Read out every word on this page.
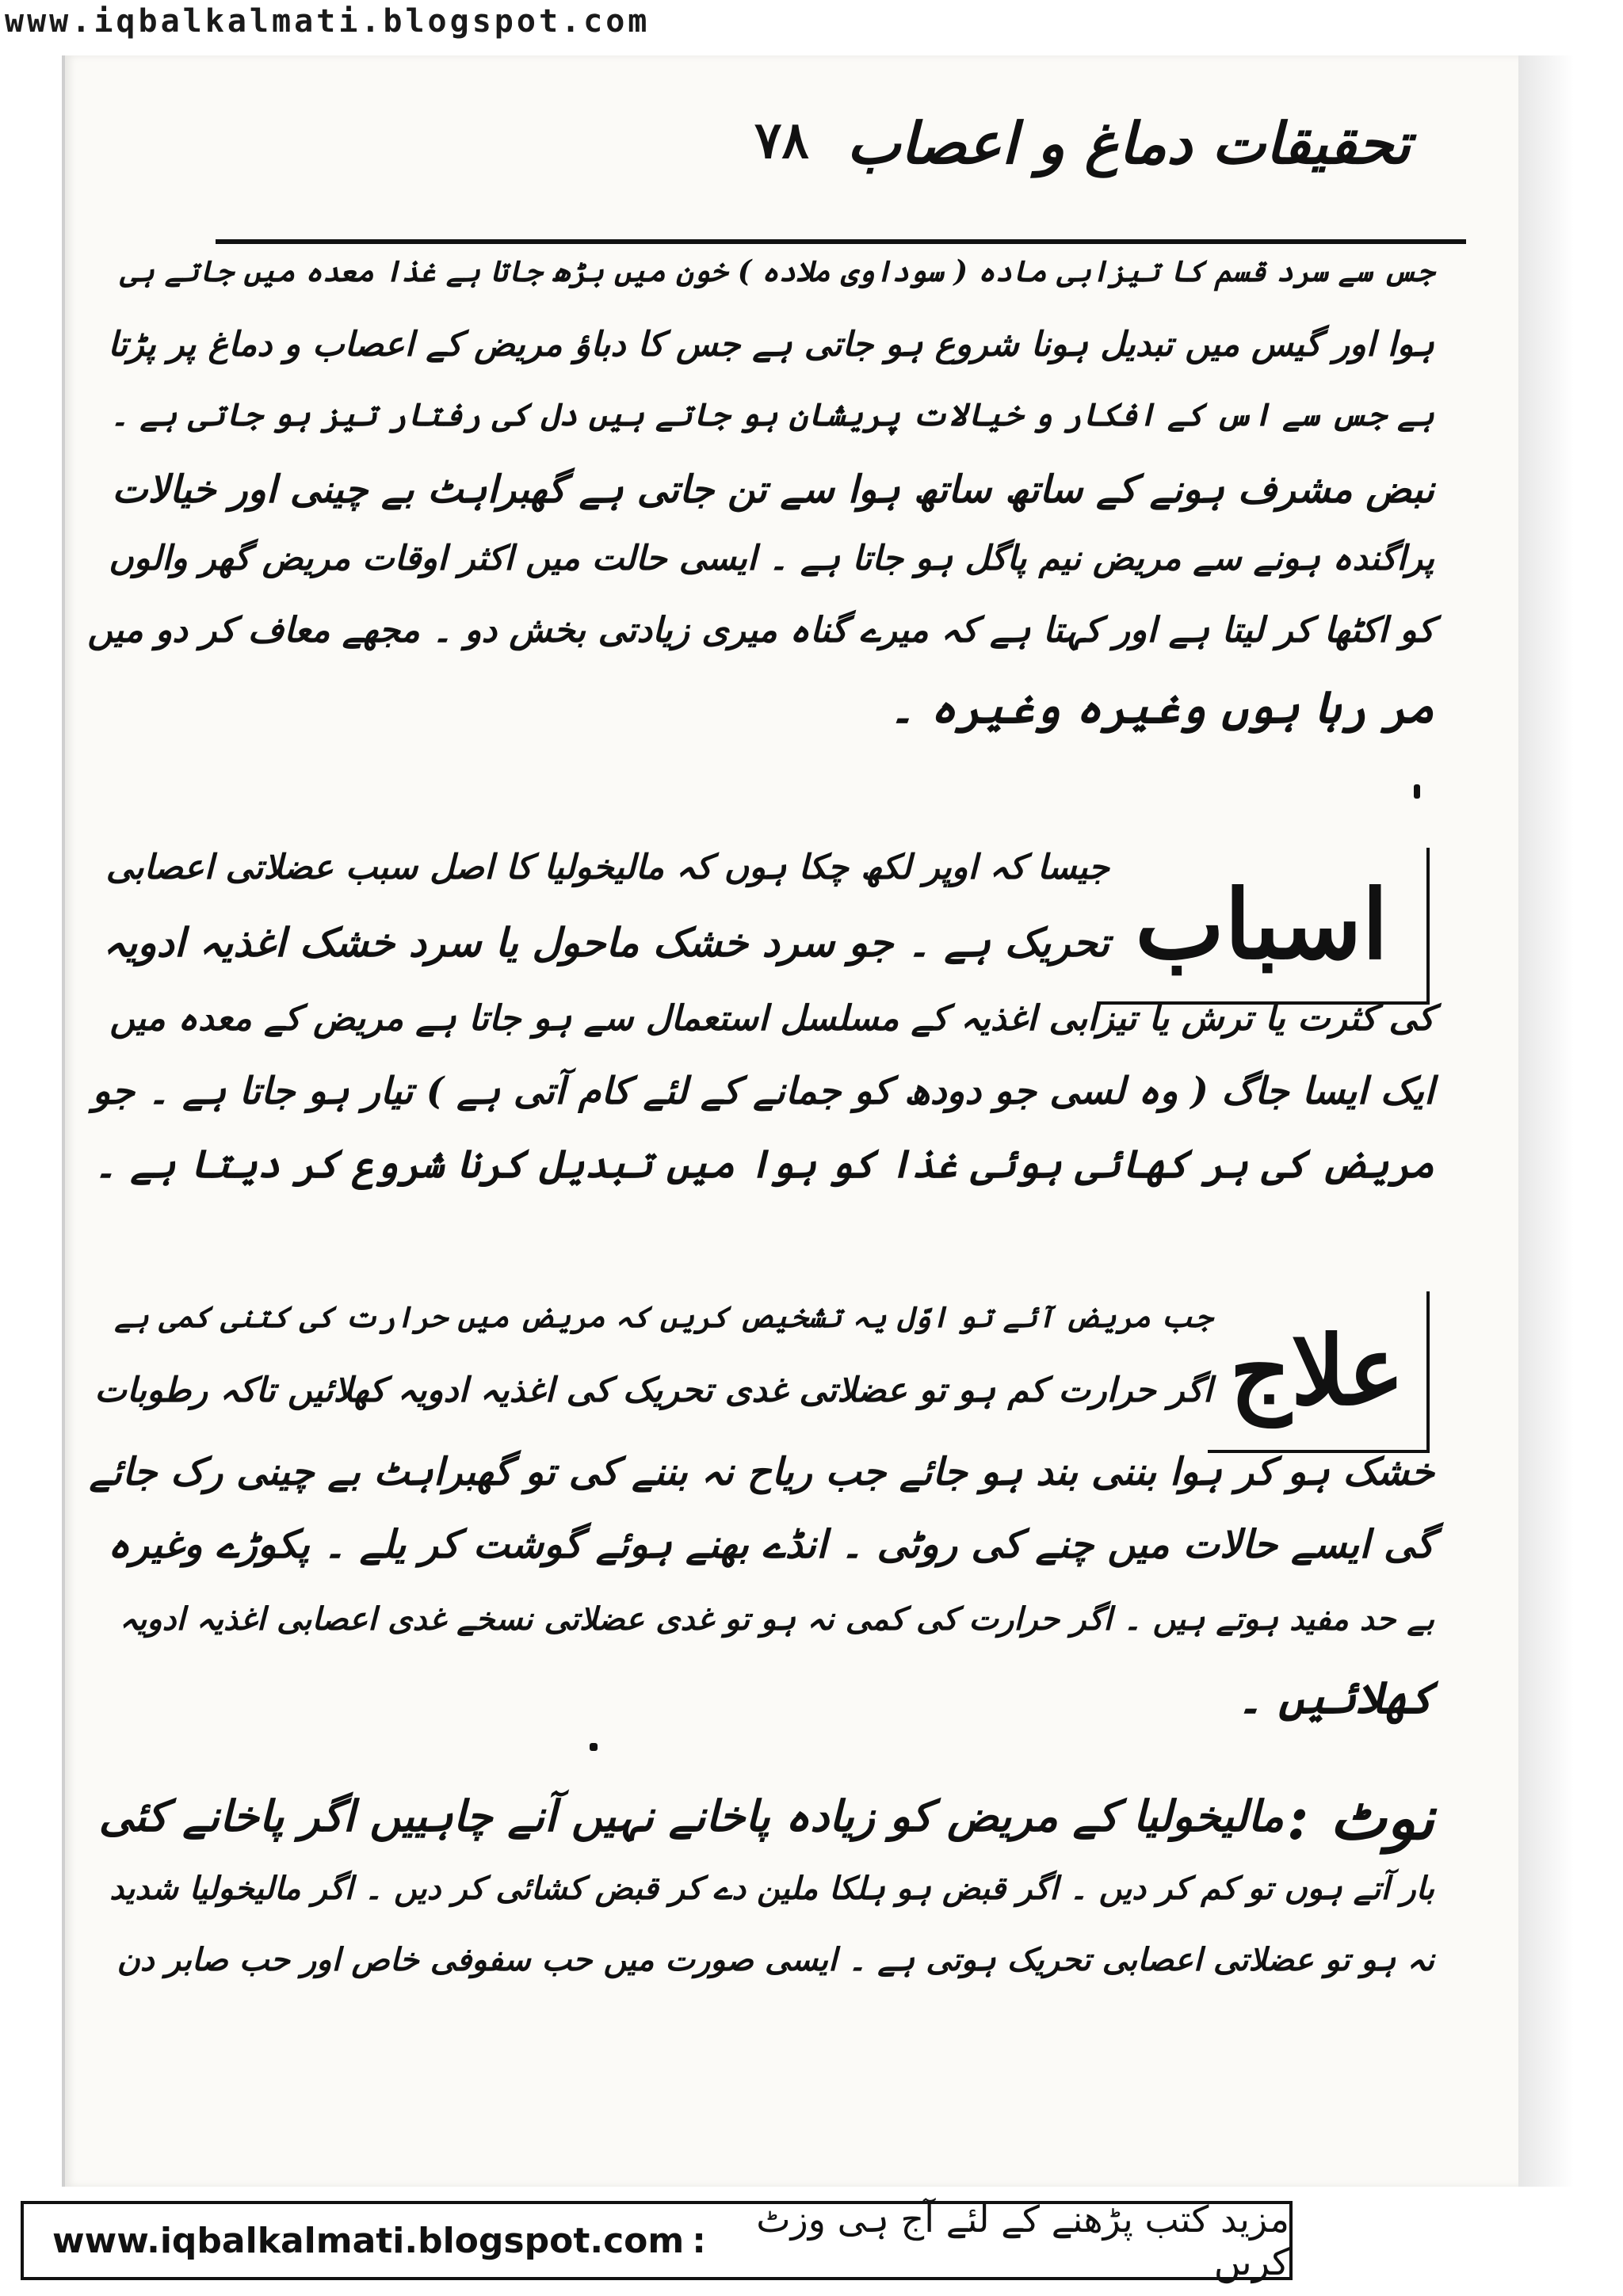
www.iqbalkalmati.blogspot.com
۷۸ تحقیقات دماغ و اعصاب
جس سے سرد قسم کا تیزابی مادہ ( سوداوی ملادہ ) خون میں بڑھ جاتا ہے غذا معدہ میں جاتے ہی
ہوا اور گیس میں تبدیل ہونا شروع ہو جاتی ہے جس کا دباؤ مریض کے اعصاب و دماغ پر پڑتا
ہے جس سے اس کے افکار و خیالات پریشان ہو جاتے ہیں دل کی رفتار تیز ہو جاتی ہے ۔
نبض مشرف ہونے کے ساتھ ساتھ ہوا سے تن جاتی ہے گھبراہٹ بے چینی اور خیالات
پراگندہ ہونے سے مریض نیم پاگل ہو جاتا ہے ۔ ایسی حالت میں اکثر اوقات مریض گھر والوں
کو اکٹھا کر لیتا ہے اور کہتا ہے کہ میرے گناہ میری زیادتی بخش دو ۔ مجھے معاف کر دو میں
مر رہا ہوں وغیرہ وغیرہ ۔
اسباب
جیسا کہ اوپر لکھ چکا ہوں کہ مالیخولیا کا اصل سبب عضلاتی اعصابی
تحریک ہے ۔ جو سرد خشک ماحول یا سرد خشک اغذیہ ادویہ
کی کثرت یا ترش یا تیزابی اغذیہ کے مسلسل استعمال سے ہو جاتا ہے مریض کے معدہ میں
ایک ایسا جاگ ( وہ لسی جو دودھ کو جمانے کے لئے کام آتی ہے ) تیار ہو جاتا ہے ۔ جو
مریض کی ہر کھائی ہوئی غذا کو ہوا میں تبدیل کرنا شروع کر دیتا ہے ۔
علاج
جب مریض آئے تو اوّل یہ تشخیص کریں کہ مریض میں حرارت کی کتنی کمی ہے
اگر حرارت کم ہو تو عضلاتی غدی تحریک کی اغذیہ ادویہ کھلائیں تاکہ رطوبات
خشک ہو کر ہوا بننی بند ہو جائے جب ریاح نہ بننے کی تو گھبراہٹ بے چینی رک جائے
گی ایسے حالات میں چنے کی روٹی ۔ انڈے بھنے ہوئے گوشت کر یلے ۔ پکوڑے وغیرہ
بے حد مفید ہوتے ہیں ۔ اگر حرارت کی کمی نہ ہو تو غدی عضلاتی نسخے غدی اعصابی اغذیہ ادویہ
کھلائیں ۔
نوٹ :
مالیخولیا کے مریض کو زیادہ پاخانے نہیں آنے چاہییں اگر پاخانے کئی
بار آتے ہوں تو کم کر دیں ۔ اگر قبض ہو ہلکا ملین دے کر قبض کشائی کر دیں ۔ اگر مالیخولیا شدید
نہ ہو تو عضلاتی اعصابی تحریک ہوتی ہے ۔ ایسی صورت میں حب سفوفی خاص اور حب صابر دن
www.iqbalkalmati.blogspot.com :	مزید کتب پڑھنے کے لئے آج ہی وزٹ کریں
